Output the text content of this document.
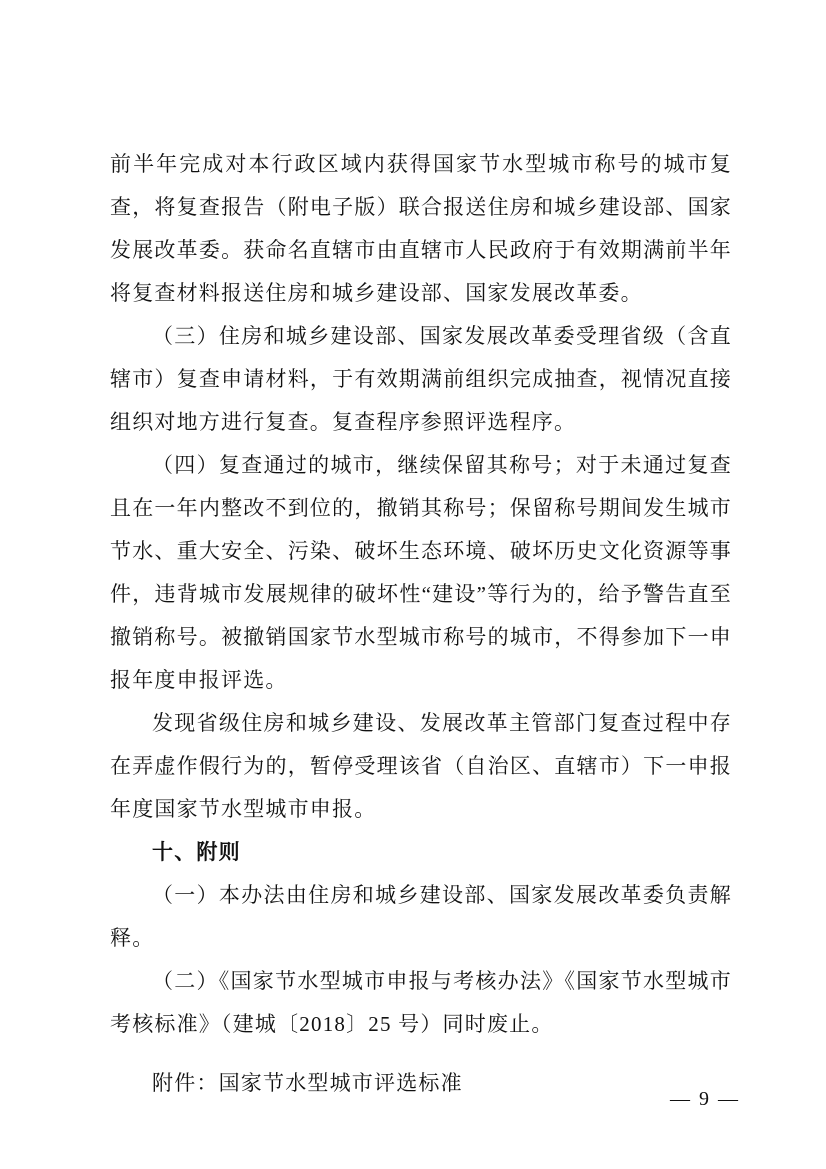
前半年完成对本行政区域内获得国家节水型城市称号的城市复查，将复查报告（附电子版）联合报送住房和城乡建设部、国家发展改革委。获命名直辖市由直辖市人民政府于有效期满前半年将复查材料报送住房和城乡建设部、国家发展改革委。

（三）住房和城乡建设部、国家发展改革委受理省级（含直辖市）复查申请材料，于有效期满前组织完成抽查，视情况直接组织对地方进行复查。复查程序参照评选程序。

（四）复查通过的城市，继续保留其称号；对于未通过复查且在一年内整改不到位的，撤销其称号；保留称号期间发生城市节水、重大安全、污染、破坏生态环境、破坏历史文化资源等事件，违背城市发展规律的破坏性“建设”等行为的，给予警告直至撤销称号。被撤销国家节水型城市称号的城市，不得参加下一申报年度申报评选。

发现省级住房和城乡建设、发展改革主管部门复查过程中存在弄虚作假行为的，暂停受理该省（自治区、直辖市）下一申报年度国家节水型城市申报。

十、附则

（一）本办法由住房和城乡建设部、国家发展改革委负责解释。

（二）《国家节水型城市申报与考核办法》《国家节水型城市考核标准》（建城〔2018〕25 号）同时废止。

附件：国家节水型城市评选标准

— 9 —
